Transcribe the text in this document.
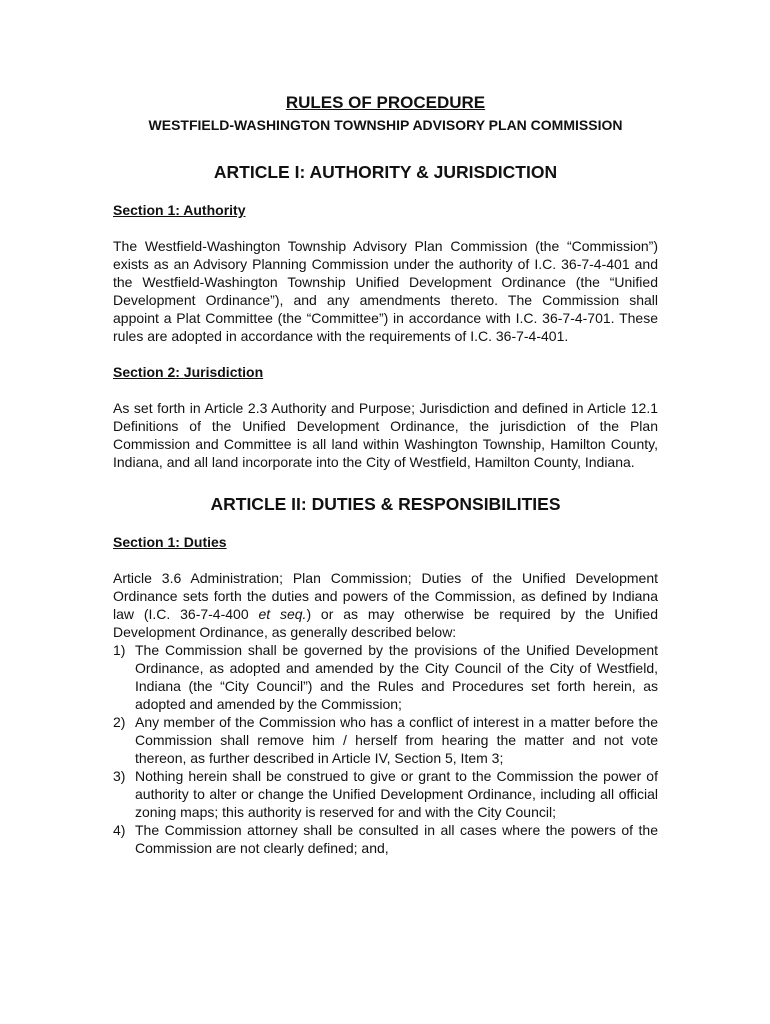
RULES OF PROCEDURE

WESTFIELD-WASHINGTON TOWNSHIP ADVISORY PLAN COMMISSION

ARTICLE I: AUTHORITY & JURISDICTION

Section 1: Authority

The Westfield-Washington Township Advisory Plan Commission (the “Commission”) exists as an Advisory Planning Commission under the authority of I.C. 36-7-4-401 and the Westfield-Washington Township Unified Development Ordinance (the “Unified Development Ordinance”), and any amendments thereto. The Commission shall appoint a Plat Committee (the “Committee”) in accordance with I.C. 36-7-4-701. These rules are adopted in accordance with the requirements of I.C. 36-7-4-401.

Section 2: Jurisdiction

As set forth in Article 2.3 Authority and Purpose; Jurisdiction and defined in Article 12.1 Definitions of the Unified Development Ordinance, the jurisdiction of the Plan Commission and Committee is all land within Washington Township, Hamilton County, Indiana, and all land incorporate into the City of Westfield, Hamilton County, Indiana.

ARTICLE II: DUTIES & RESPONSIBILITIES

Section 1: Duties

Article 3.6 Administration; Plan Commission; Duties of the Unified Development Ordinance sets forth the duties and powers of the Commission, as defined by Indiana law (I.C. 36-7-4-400 et seq.) or as may otherwise be required by the Unified Development Ordinance, as generally described below:

1) The Commission shall be governed by the provisions of the Unified Development Ordinance, as adopted and amended by the City Council of the City of Westfield, Indiana (the “City Council”) and the Rules and Procedures set forth herein, as adopted and amended by the Commission;
2) Any member of the Commission who has a conflict of interest in a matter before the Commission shall remove him / herself from hearing the matter and not vote thereon, as further described in Article IV, Section 5, Item 3;
3) Nothing herein shall be construed to give or grant to the Commission the power of authority to alter or change the Unified Development Ordinance, including all official zoning maps; this authority is reserved for and with the City Council;
4) The Commission attorney shall be consulted in all cases where the powers of the Commission are not clearly defined; and,
